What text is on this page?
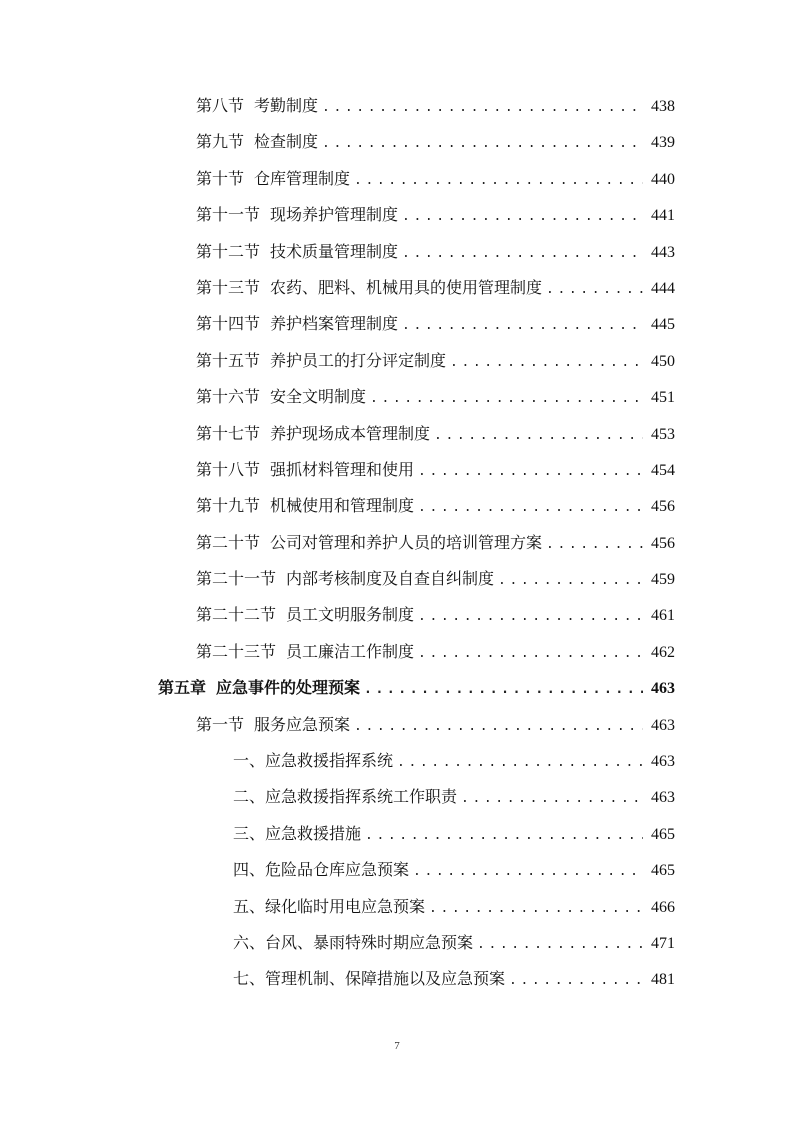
第八节 考勤制度 .....	438
第九节 检查制度 .....	439
第十节 仓库管理制度 .....	440
第十一节 现场养护管理制度 .....	441
第十二节 技术质量管理制度 .....	443
第十三节 农药、肥料、机械用具的使用管理制度 .....	444
第十四节 养护档案管理制度 .....	445
第十五节 养护员工的打分评定制度 .....	450
第十六节 安全文明制度 .....	451
第十七节 养护现场成本管理制度 .....	453
第十八节 强抓材料管理和使用 .....	454
第十九节 机械使用和管理制度 .....	456
第二十节 公司对管理和养护人员的培训管理方案 .....	456
第二十一节 内部考核制度及自查自纠制度 .....	459
第二十二节 员工文明服务制度 .....	461
第二十三节 员工廉洁工作制度 .....	462
第五章 应急事件的处理预案 .....	463
第一节 服务应急预案 .....	463
一、应急救援指挥系统 .....	463
二、应急救援指挥系统工作职责 .....	463
三、应急救援措施 .....	465
四、危险品仓库应急预案 .....	465
五、绿化临时用电应急预案 .....	466
六、台风、暴雨特殊时期应急预案 .....	471
七、管理机制、保障措施以及应急预案 .....	481
7
